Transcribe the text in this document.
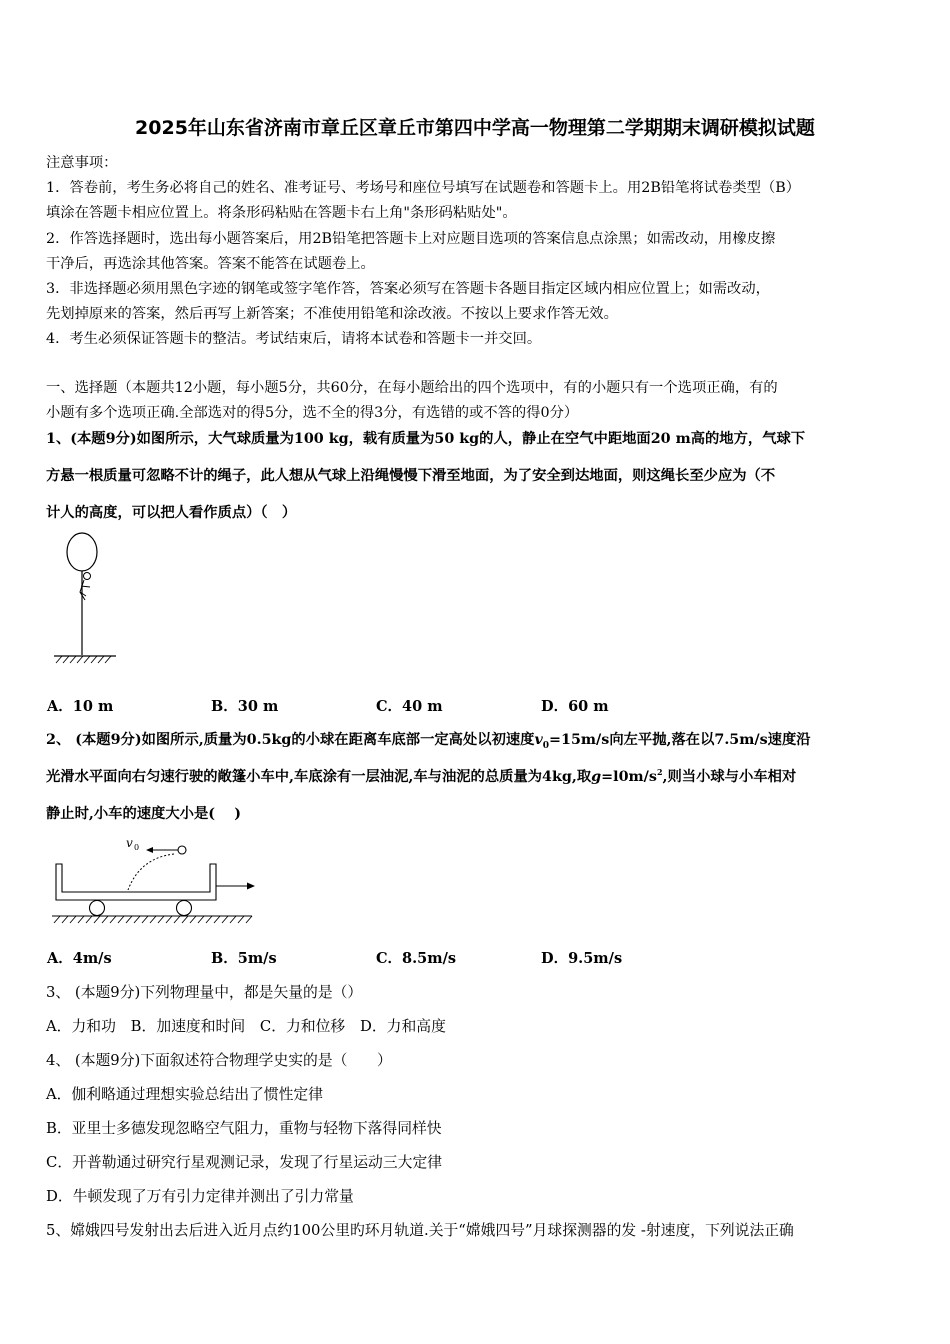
2025年山东省济南市章丘区章丘市第四中学高一物理第二学期期末调研模拟试题
注意事项：
1．答卷前，考生务必将自己的姓名、准考证号、考场号和座位号填写在试题卷和答题卡上。用2B铅笔将试卷类型（B）
填涂在答题卡相应位置上。将条形码粘贴在答题卡右上角"条形码粘贴处"。
2．作答选择题时，选出每小题答案后，用2B铅笔把答题卡上对应题目选项的答案信息点涂黑；如需改动，用橡皮擦
干净后，再选涂其他答案。答案不能答在试题卷上。
3．非选择题必须用黑色字迹的钢笔或签字笔作答，答案必须写在答题卡各题目指定区域内相应位置上；如需改动，
先划掉原来的答案，然后再写上新答案；不准使用铅笔和涂改液。不按以上要求作答无效。
4．考生必须保证答题卡的整洁。考试结束后，请将本试卷和答题卡一并交回。
一、选择题（本题共12小题，每小题5分，共60分，在每小题给出的四个选项中，有的小题只有一个选项正确，有的
小题有多个选项正确.全部选对的得5分，选不全的得3分，有选错的或不答的得0分）
1、(本题9分)如图所示，大气球质量为100 kg，载有质量为50 kg的人，静止在空气中距地面20 m高的地方，气球下
方悬一根质量可忽略不计的绳子，此人想从气球上沿绳慢慢下滑至地面，为了安全到达地面，则这绳长至少应为（不
计人的高度，可以把人看作质点）（　）
A．10 m	B．30 m	C．40 m	D．60 m
2、 (本题9分)如图所示,质量为0.5kg的小球在距离车底部一定高处以初速度$v_0=15m/s$向左平抛,落在以7.5m/s速度沿
光滑水平面向右匀速行驶的敞篷小车中,车底涂有一层油泥,车与油泥的总质量为4kg,取$g=l0m/s^2$,则当小球与小车相对
静止时,小车的速度大小是(　 )
v 0
A．4m/s	B．5m/s	C．8.5m/s	D．9.5m/s
3、 (本题9分)下列物理量中，都是矢量的是（）
A．力和功　B．加速度和时间　C．力和位移　D．力和高度
4、 (本题9分)下面叙述符合物理学史实的是（　　）
A．伽利略通过理想实验总结出了惯性定律
B．亚里士多德发现忽略空气阻力，重物与轻物下落得同样快
C．开普勒通过研究行星观测记录，发现了行星运动三大定律
D．牛顿发现了万有引力定律并测出了引力常量
5、嫦娥四号发射出去后进入近月点约100公里旳环月轨道.关于“嫦娥四号”月球探测器的发 -射速度，下列说法正确
